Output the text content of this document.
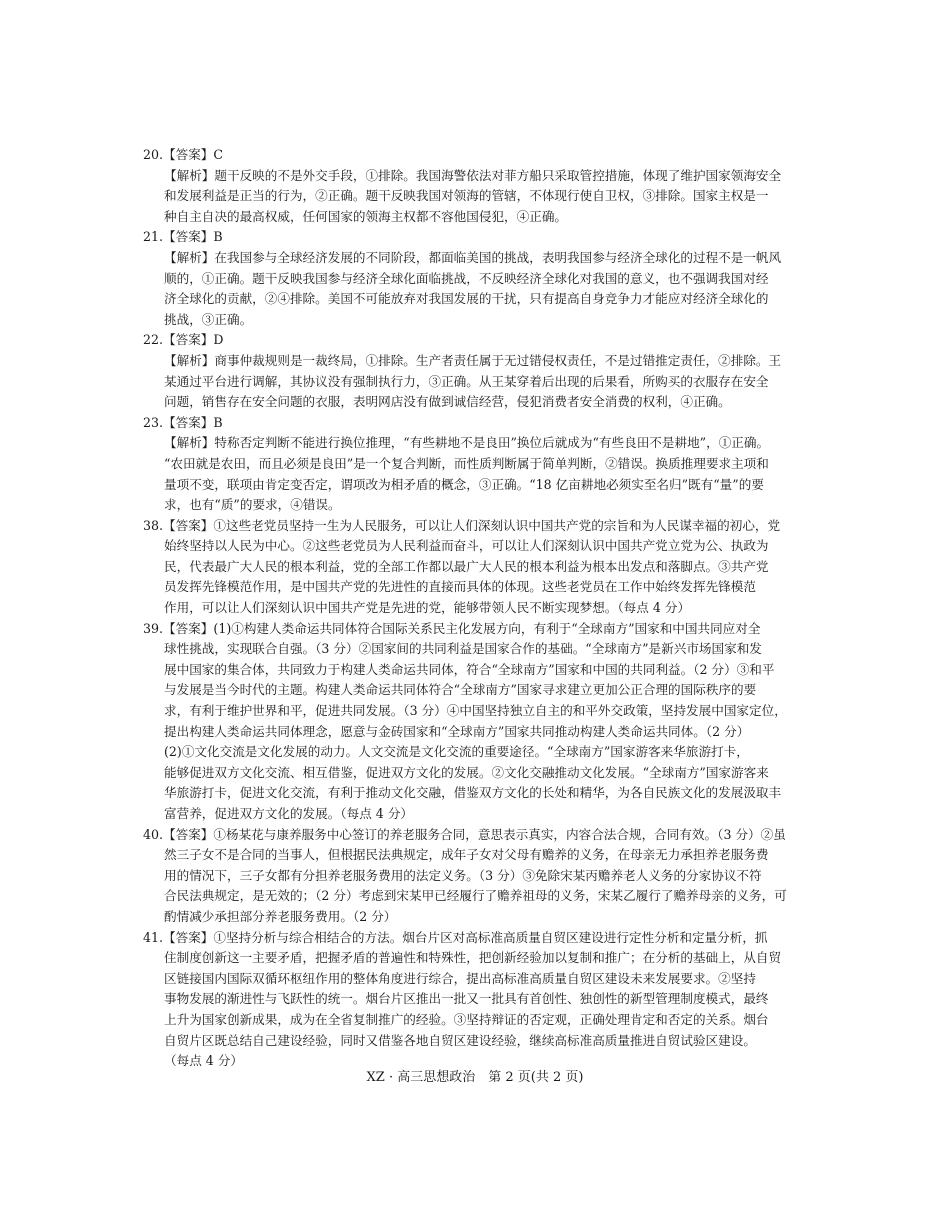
20.【答案】C
【解析】题干反映的不是外交手段，①排除。我国海警依法对菲方船只采取管控措施，体现了维护国家领海安全
和发展利益是正当的行为，②正确。题干反映我国对领海的管辖，不体现行使自卫权，③排除。国家主权是一
种自主自决的最高权威，任何国家的领海主权都不容他国侵犯，④正确。
21.【答案】B
【解析】在我国参与全球经济发展的不同阶段，都面临美国的挑战，表明我国参与经济全球化的过程不是一帆风
顺的，①正确。题干反映我国参与经济全球化面临挑战，不反映经济全球化对我国的意义，也不强调我国对经
济全球化的贡献，②④排除。美国不可能放弃对我国发展的干扰，只有提高自身竞争力才能应对经济全球化的
挑战，③正确。
22.【答案】D
【解析】商事仲裁规则是一裁终局，①排除。生产者责任属于无过错侵权责任，不是过错推定责任，②排除。王
某通过平台进行调解，其协议没有强制执行力，③正确。从王某穿着后出现的后果看，所购买的衣服存在安全
问题，销售存在安全问题的衣服，表明网店没有做到诚信经营，侵犯消费者安全消费的权利，④正确。
23.【答案】B
【解析】特称否定判断不能进行换位推理，“有些耕地不是良田”换位后就成为“有些良田不是耕地”，①正确。
“农田就是农田，而且必须是良田”是一个复合判断，而性质判断属于简单判断，②错误。换质推理要求主项和
量项不变，联项由肯定变否定，谓项改为相矛盾的概念，③正确。“18 亿亩耕地必须实至名归”既有“量”的要
求，也有“质”的要求，④错误。
38.【答案】①这些老党员坚持一生为人民服务，可以让人们深刻认识中国共产党的宗旨和为人民谋幸福的初心，党
始终坚持以人民为中心。②这些老党员为人民利益而奋斗，可以让人们深刻认识中国共产党立党为公、执政为
民，代表最广大人民的根本利益，党的全部工作都以最广大人民的根本利益为根本出发点和落脚点。③共产党
员发挥先锋模范作用，是中国共产党的先进性的直接而具体的体现。这些老党员在工作中始终发挥先锋模范
作用，可以让人们深刻认识中国共产党是先进的党，能够带领人民不断实现梦想。（每点 4 分）
39.【答案】(1)①构建人类命运共同体符合国际关系民主化发展方向，有利于“全球南方”国家和中国共同应对全
球性挑战，实现联合自强。（3 分）②国家间的共同利益是国家合作的基础。“全球南方”是新兴市场国家和发
展中国家的集合体，共同致力于构建人类命运共同体，符合“全球南方”国家和中国的共同利益。（2 分）③和平
与发展是当今时代的主题。构建人类命运共同体符合“全球南方”国家寻求建立更加公正合理的国际秩序的要
求，有利于维护世界和平，促进共同发展。（3 分）④中国坚持独立自主的和平外交政策，坚持发展中国家定位，
提出构建人类命运共同体理念，愿意与金砖国家和“全球南方”国家共同推动构建人类命运共同体。（2 分）
(2)①文化交流是文化发展的动力。人文交流是文化交流的重要途径。“全球南方”国家游客来华旅游打卡，
能够促进双方文化交流、相互借鉴，促进双方文化的发展。②文化交融推动文化发展。“全球南方”国家游客来
华旅游打卡，促进文化交流，有利于推动文化交融，借鉴双方文化的长处和精华，为各自民族文化的发展汲取丰
富营养，促进双方文化的发展。（每点 4 分）
40.【答案】①杨某花与康养服务中心签订的养老服务合同，意思表示真实，内容合法合规，合同有效。（3 分）②虽
然三子女不是合同的当事人，但根据民法典规定，成年子女对父母有赡养的义务，在母亲无力承担养老服务费
用的情况下，三子女都有分担养老服务费用的法定义务。（3 分）③免除宋某丙赡养老人义务的分家协议不符
合民法典规定，是无效的；（2 分）考虑到宋某甲已经履行了赡养祖母的义务，宋某乙履行了赡养母亲的义务，可
酌情减少承担部分养老服务费用。（2 分）
41.【答案】①坚持分析与综合相结合的方法。烟台片区对高标准高质量自贸区建设进行定性分析和定量分析，抓
住制度创新这一主要矛盾，把握矛盾的普遍性和特殊性，把创新经验加以复制和推广；在分析的基础上，从自贸
区链接国内国际双循环枢纽作用的整体角度进行综合，提出高标准高质量自贸区建设未来发展要求。②坚持
事物发展的渐进性与飞跃性的统一。烟台片区推出一批又一批具有首创性、独创性的新型管理制度模式，最终
上升为国家创新成果，成为在全省复制推广的经验。③坚持辩证的否定观，正确处理肯定和否定的关系。烟台
自贸片区既总结自己建设经验，同时又借鉴各地自贸区建设经验，继续高标准高质量推进自贸试验区建设。
（每点 4 分）
XZ · 高三思想政治　第 2 页(共 2 页)
